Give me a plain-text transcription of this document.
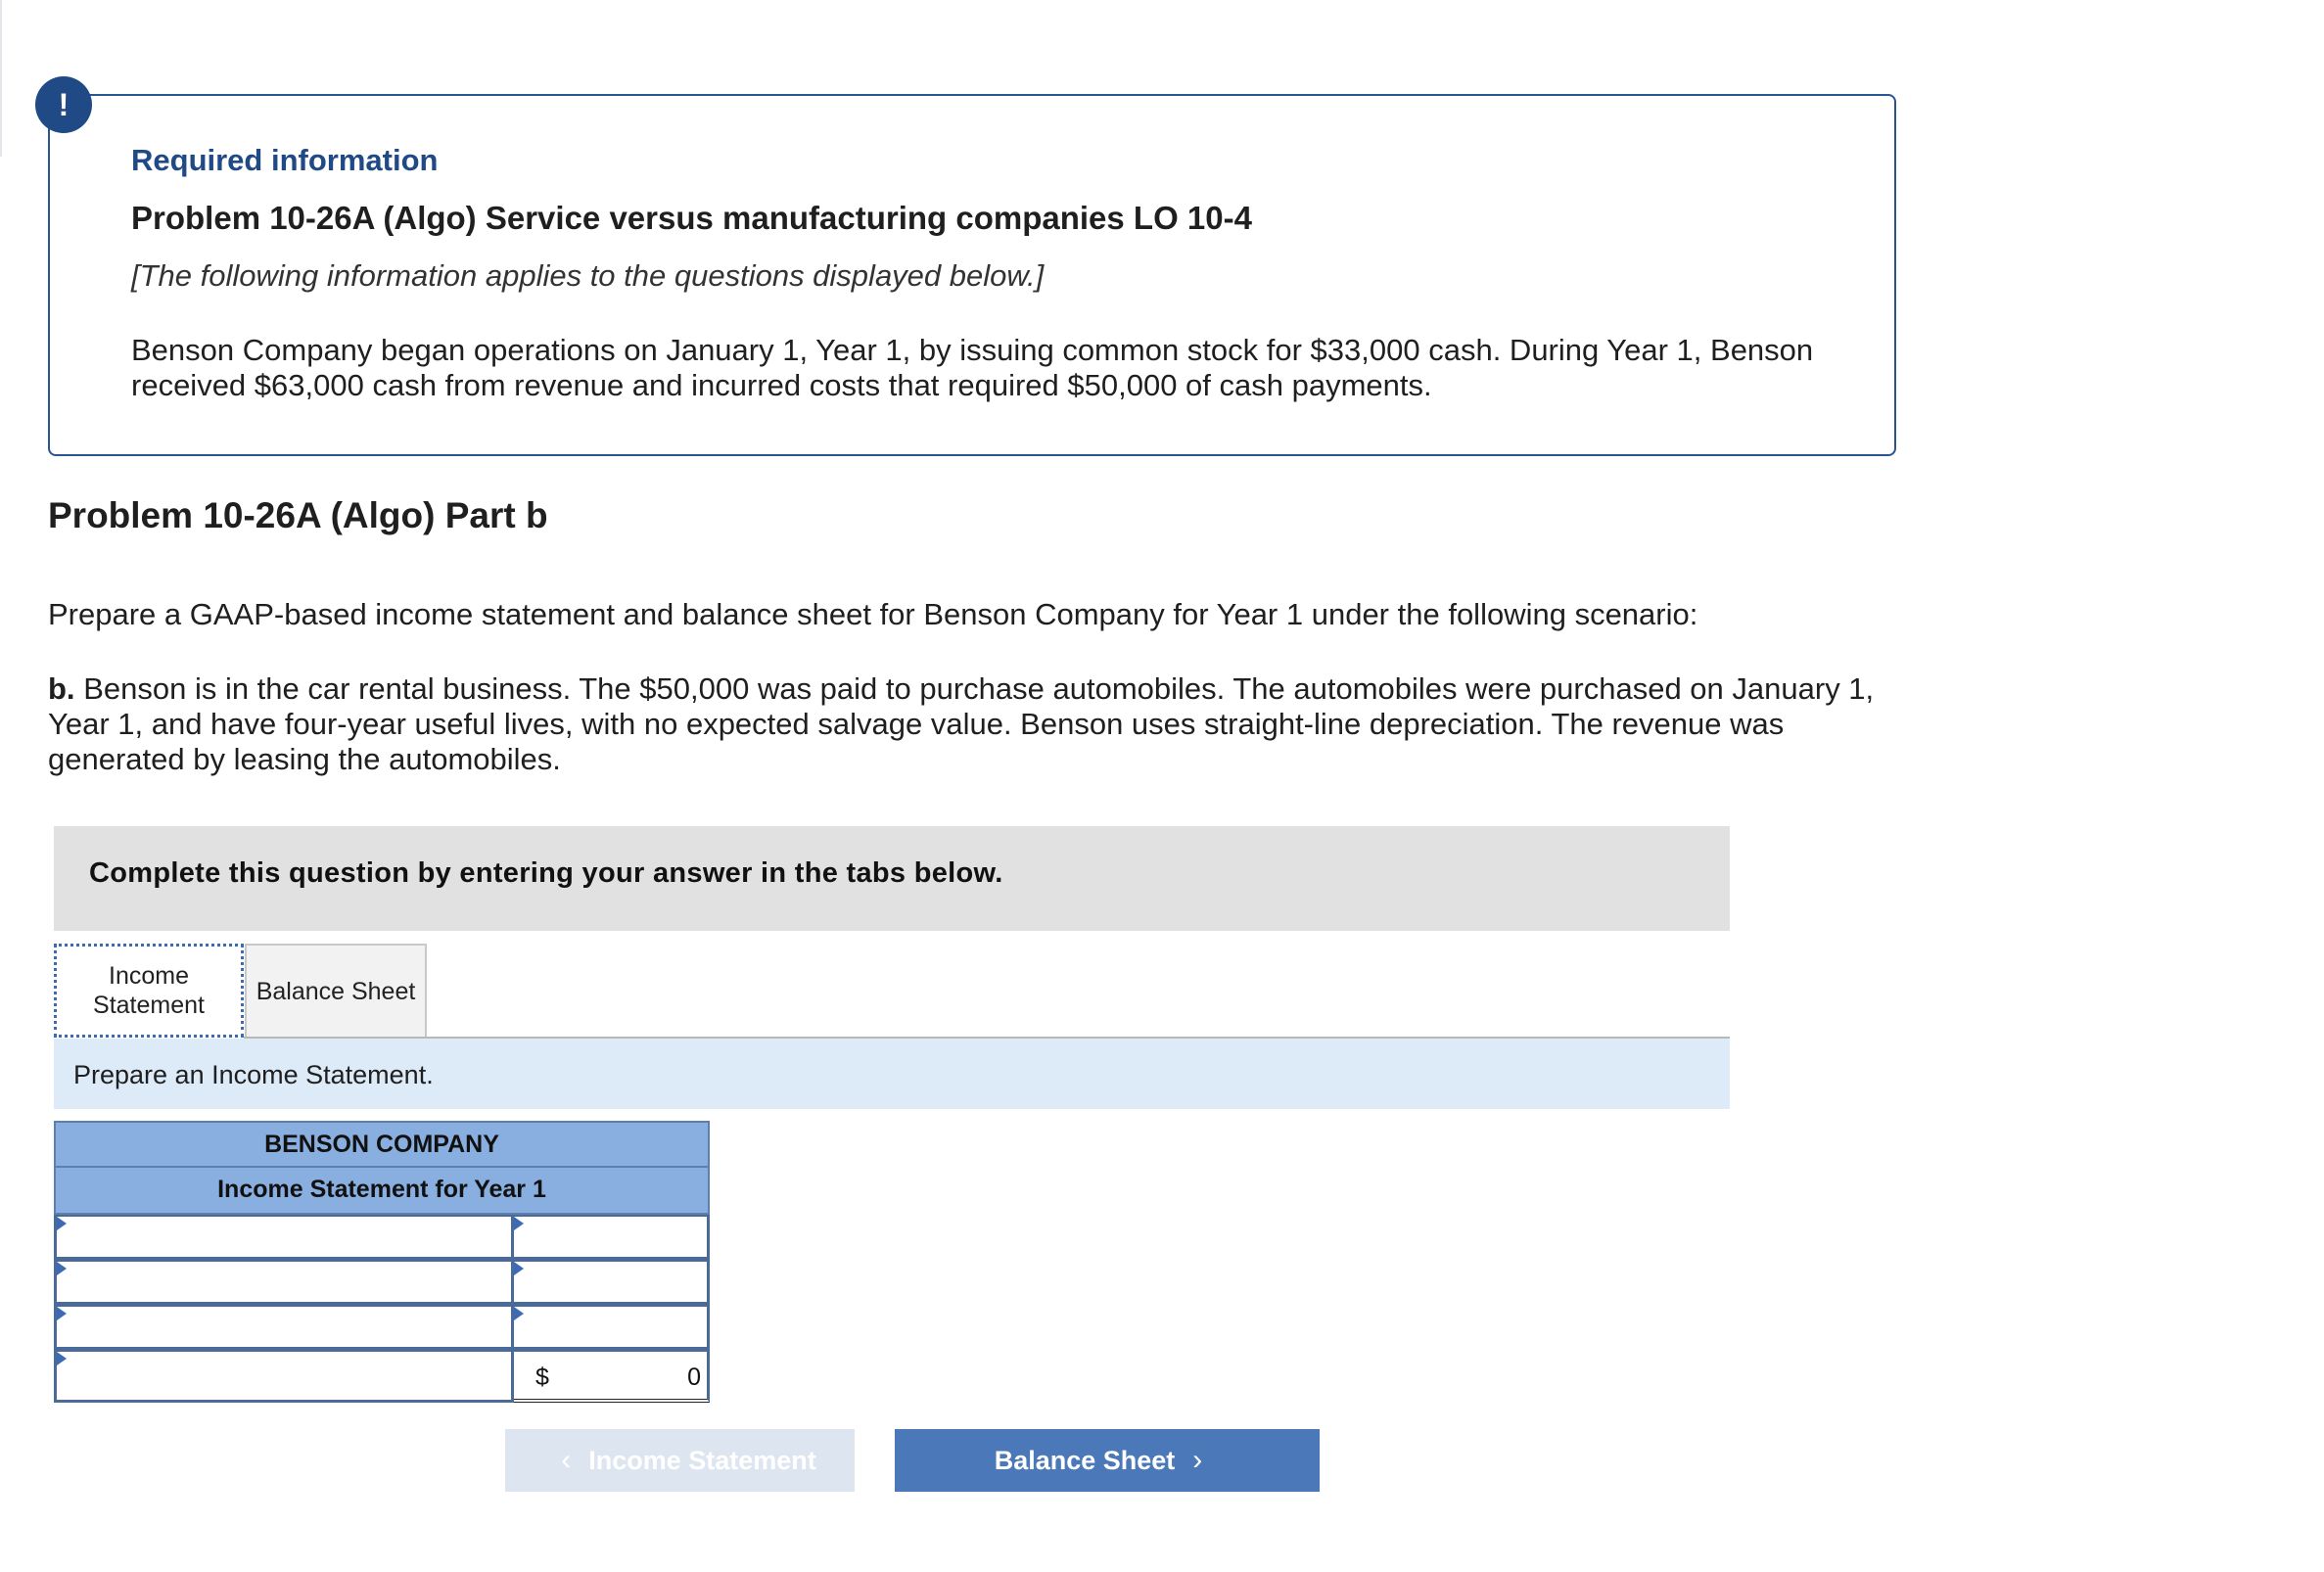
!
Required information
Problem 10-26A (Algo) Service versus manufacturing companies LO 10-4
[The following information applies to the questions displayed below.]
Benson Company began operations on January 1, Year 1, by issuing common stock for $33,000 cash. During Year 1, Benson received $63,000 cash from revenue and incurred costs that required $50,000 of cash payments.
Problem 10-26A (Algo) Part b
Prepare a GAAP-based income statement and balance sheet for Benson Company for Year 1 under the following scenario:
b. Benson is in the car rental business. The $50,000 was paid to purchase automobiles. The automobiles were purchased on January 1, Year 1, and have four-year useful lives, with no expected salvage value. Benson uses straight-line depreciation. The revenue was generated by leasing the automobiles.
Complete this question by entering your answer in the tabs below.
Income Statement
Balance Sheet
Prepare an Income Statement.
BENSON COMPANY
Income Statement for Year 1
$	0
‹ Income Statement	Balance Sheet ›
